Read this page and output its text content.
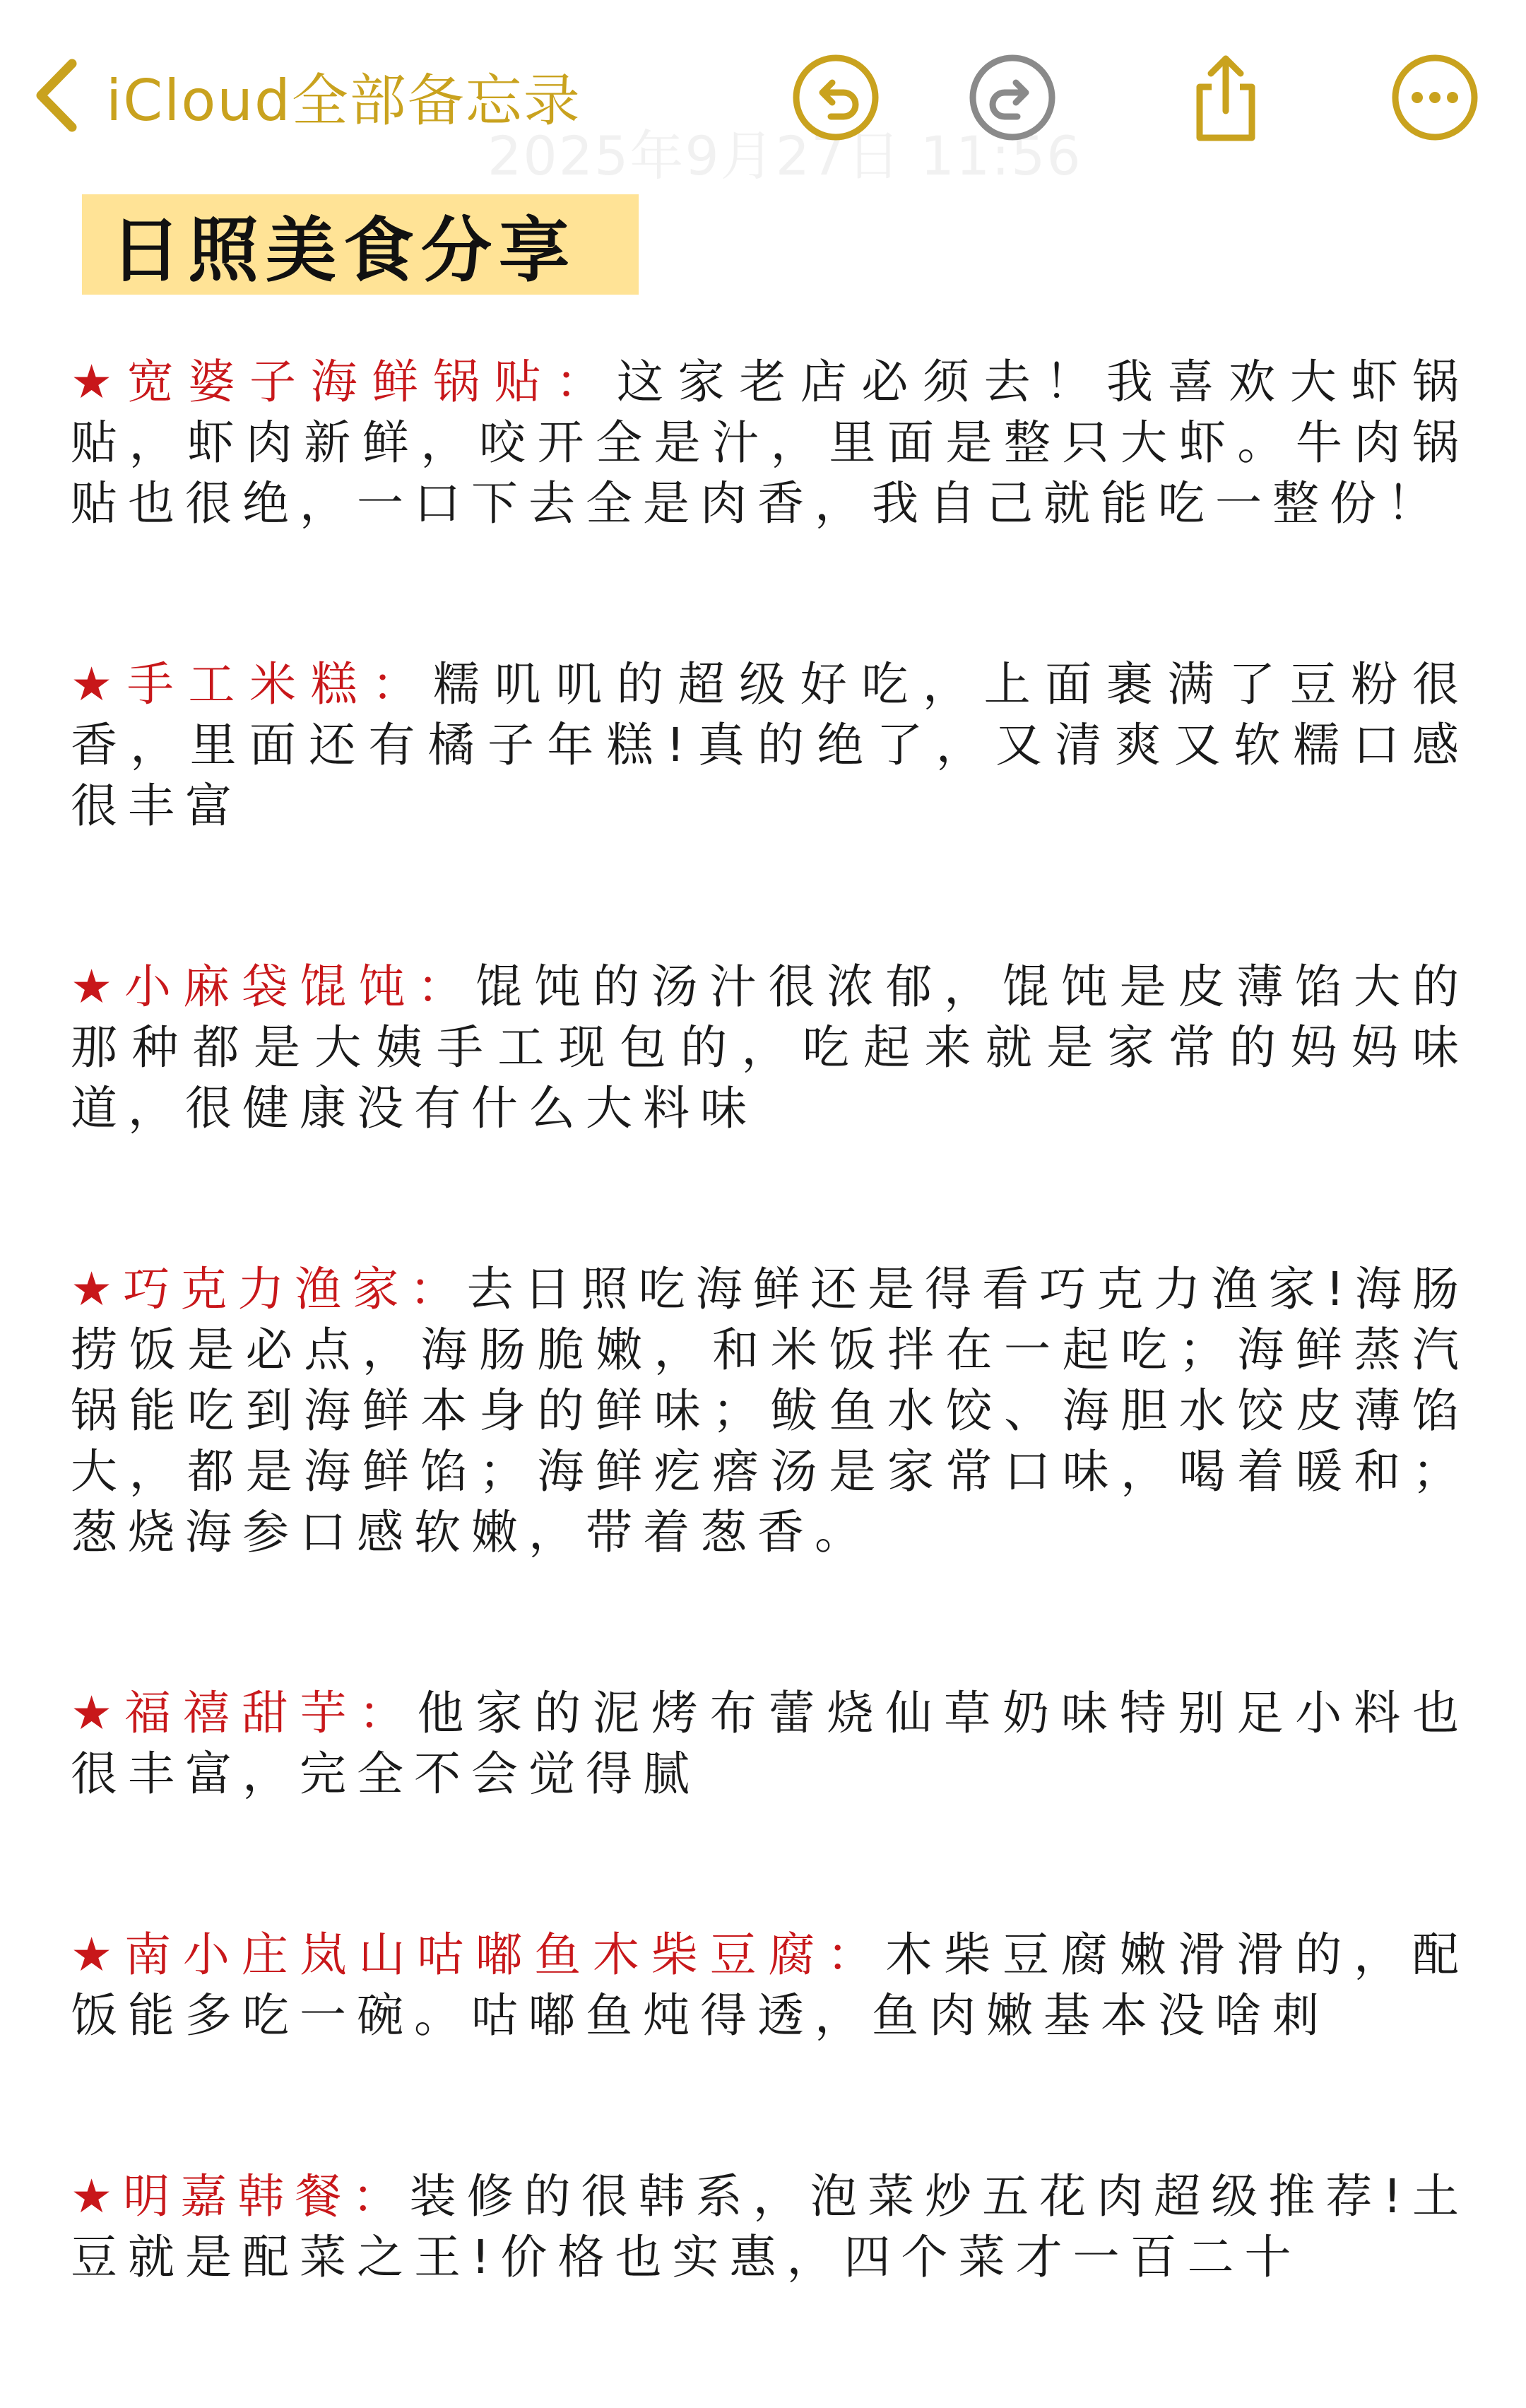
iCloud全部备忘录
2025年9月27日 11:56
日照美食分享

★宽婆子海鲜锅贴：这家老店必须去！我喜欢大虾锅贴，虾肉新鲜，咬开全是汁，里面是整只大虾。牛肉锅贴也很绝，一口下去全是肉香，我自己就能吃一整份！

★手工米糕：糯叽叽的超级好吃，上面裹满了豆粉很香，里面还有橘子年糕!真的绝了，又清爽又软糯口感很丰富

★小麻袋馄饨：馄饨的汤汁很浓郁，馄饨是皮薄馅大的那种都是大姨手工现包的，吃起来就是家常的妈妈味道，很健康没有什么大料味

★巧克力渔家：去日照吃海鲜还是得看巧克力渔家!海肠捞饭是必点，海肠脆嫩，和米饭拌在一起吃；海鲜蒸汽锅能吃到海鲜本身的鲜味；鲅鱼水饺、海胆水饺皮薄馅大，都是海鲜馅；海鲜疙瘩汤是家常口味，喝着暖和；葱烧海参口感软嫩，带着葱香。

★福禧甜芋：他家的泥烤布蕾烧仙草奶味特别足小料也很丰富，完全不会觉得腻

★南小庄岚山咕嘟鱼木柴豆腐：木柴豆腐嫩滑滑的，配饭能多吃一碗。咕嘟鱼炖得透，鱼肉嫩基本没啥刺

★明嘉韩餐：装修的很韩系，泡菜炒五花肉超级推荐!土豆就是配菜之王!价格也实惠，四个菜才一百二十
